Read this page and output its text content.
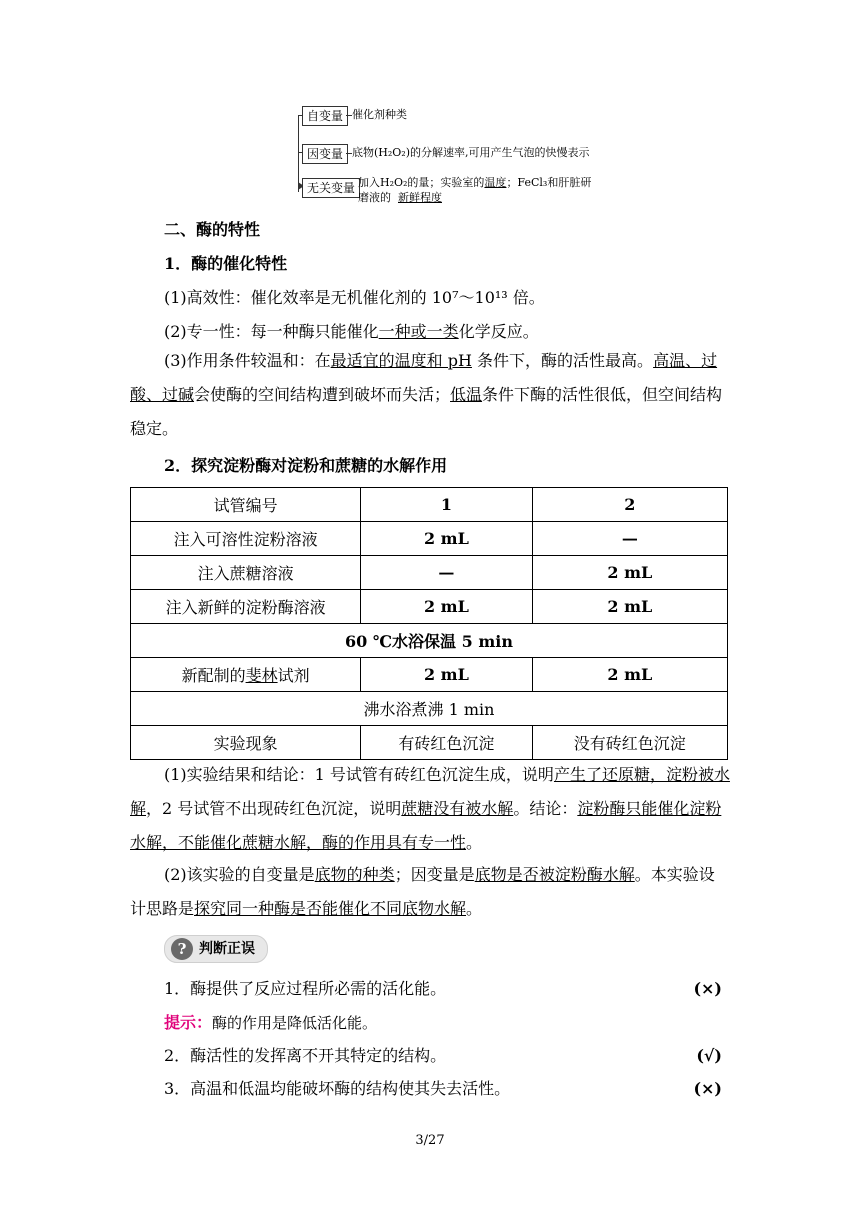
自变量 催化剂种类
因变量 底物(H₂O₂)的分解速率,可用产生气泡的快慢表示
无关变量 加入H₂O₂的量；实验室的温度；FeCl₃和肝脏研
磨液的 新鲜程度
二、酶的特性
1．酶的催化特性
(1)高效性：催化效率是无机催化剂的 10⁷～10¹³ 倍。
(2)专一性：每一种酶只能催化一种或一类化学反应。
(3)作用条件较温和：在最适宜的温度和 pH 条件下，酶的活性最高。高温、过酸、过碱会使酶的空间结构遭到破坏而失活；低温条件下酶的活性很低，但空间结构稳定。
2．探究淀粉酶对淀粉和蔗糖的水解作用
试管编号	1	2
注入可溶性淀粉溶液	2 mL	—
注入蔗糖溶液	—	2 mL
注入新鲜的淀粉酶溶液	2 mL	2 mL
60 ℃水浴保温 5 min		
新配制的斐林试剂	2 mL	2 mL
沸水浴煮沸 1 min		
实验现象	有砖红色沉淀	没有砖红色沉淀
(1)实验结果和结论：1 号试管有砖红色沉淀生成，说明产生了还原糖，淀粉被水解，2 号试管不出现砖红色沉淀，说明蔗糖没有被水解。结论：淀粉酶只能催化淀粉水解，不能催化蔗糖水解，酶的作用具有专一性。
(2)该实验的自变量是底物的种类；因变量是底物是否被淀粉酶水解。本实验设计思路是探究同一种酶是否能催化不同底物水解。
? 判断正误
1．酶提供了反应过程所必需的活化能。	(×)
提示：酶的作用是降低活化能。
2．酶活性的发挥离不开其特定的结构。	(√)
3．高温和低温均能破坏酶的结构使其失去活性。	(×)
3/27
